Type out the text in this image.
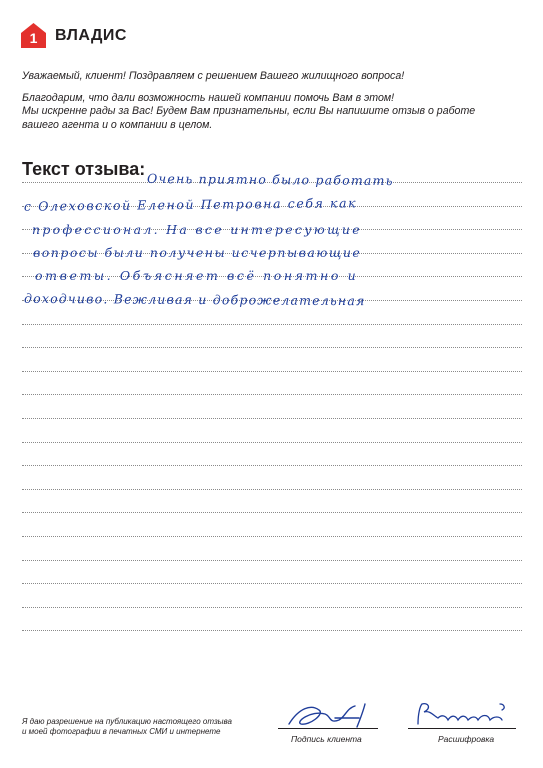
1	ВЛАДИС

Уважаемый, клиент! Поздравляем с решением Вашего жилищного вопроса!

Благодарим, что дали возможность нашей компании помочь Вам в этом!

Мы искренне рады за Вас! Будем Вам признательны, если Вы напишите отзыв о работе

вашего агента и о компании в целом.

Текст отзыва:
Очень приятно было работать
с Олеховской Еленой Петровна себя как
профессионал. На все интересующие
вопросы были получены исчерпывающие
ответы. Объясняет всё понятно и
доходчиво. Вежливая и доброжелательная
Я даю разрешение на публикацию настоящего отзыва
и моей фотографии в печатных СМИ и интернете
Подпись клиента	Расшифровка
